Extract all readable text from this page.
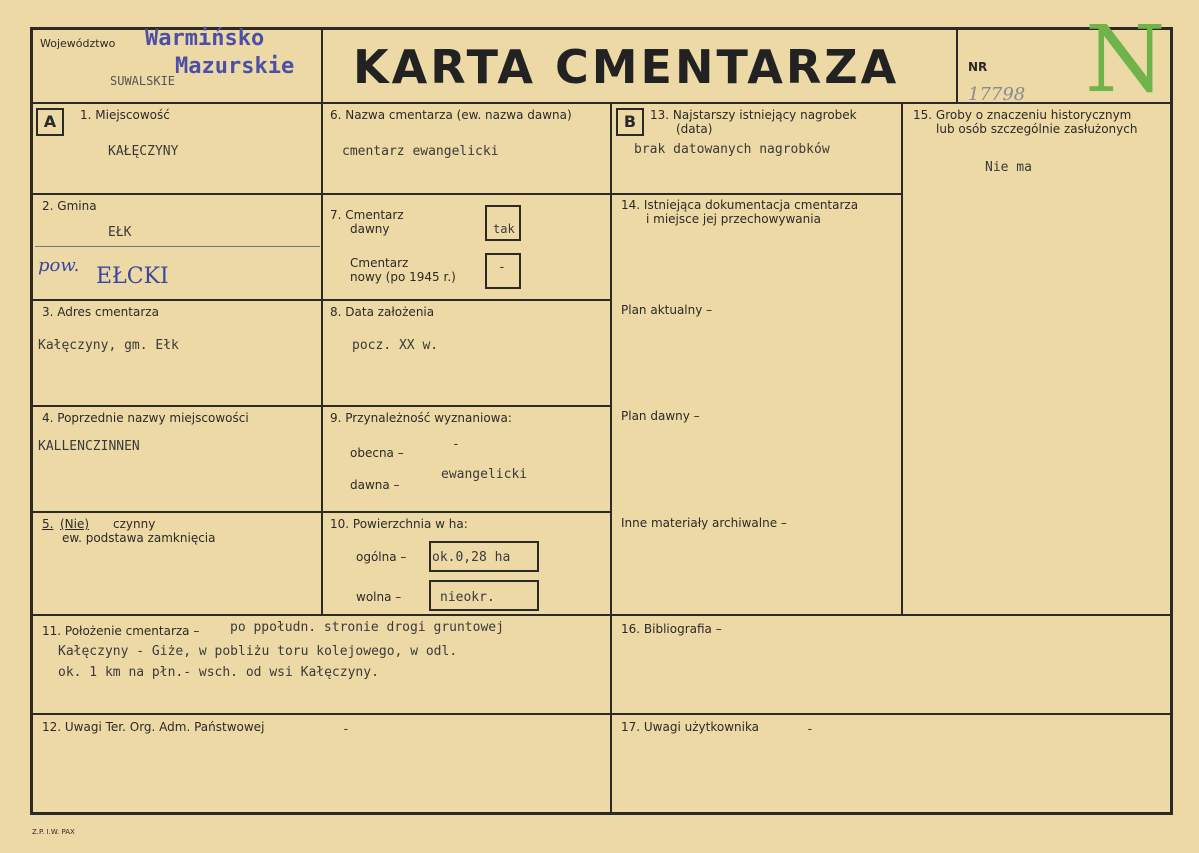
Województwo Warmińsko
Mazurskie
SUWALSKIE	KARTA CMENTARZA	NR
17798 N
A	B
1. Miejscowość
KAŁĘCZYNY
2. Gmina
EŁK
pow. EŁCKI
3. Adres cmentarza
Kałęczyny, gm. Ełk
4. Poprzednie nazwy miejscowości
KALLENCZINNEN
5. (Nie) czynny
ew. podstawa zamknięcia
6. Nazwa cmentarza (ew. nazwa dawna)
cmentarz ewangelicki
7. Cmentarz
dawny	tak
Cmentarz
nowy (po 1945 r.)
-
8. Data założenia
pocz. XX w.
9. Przynależność wyznaniowa:
obecna –
-
dawna –
ewangelicki
10. Powierzchnia w ha:
ogólna – ok.0,28 ha
wolna –	nieokr.
11. Położenie cmentarza – po ppołudn. stronie drogi gruntowej
Kałęczyny - Giże, w pobliżu toru kolejowego, w odl.
ok. 1 km na płn.- wsch. od wsi Kałęczyny.
12. Uwagi Ter. Org. Adm. Państwowej	-
13. Najstarszy istniejący nagrobek
(data)
brak datowanych nagrobków
14. Istniejąca dokumentacja cmentarza
i miejsce jej przechowywania
Plan aktualny –
Plan dawny –
Inne materiały archiwalne –
15. Groby o znaczeniu historycznym
lub osób szczególnie zasłużonych
Nie ma
16. Bibliografia –
17. Uwagi użytkownika	-
Z.P. I.W. PAX
